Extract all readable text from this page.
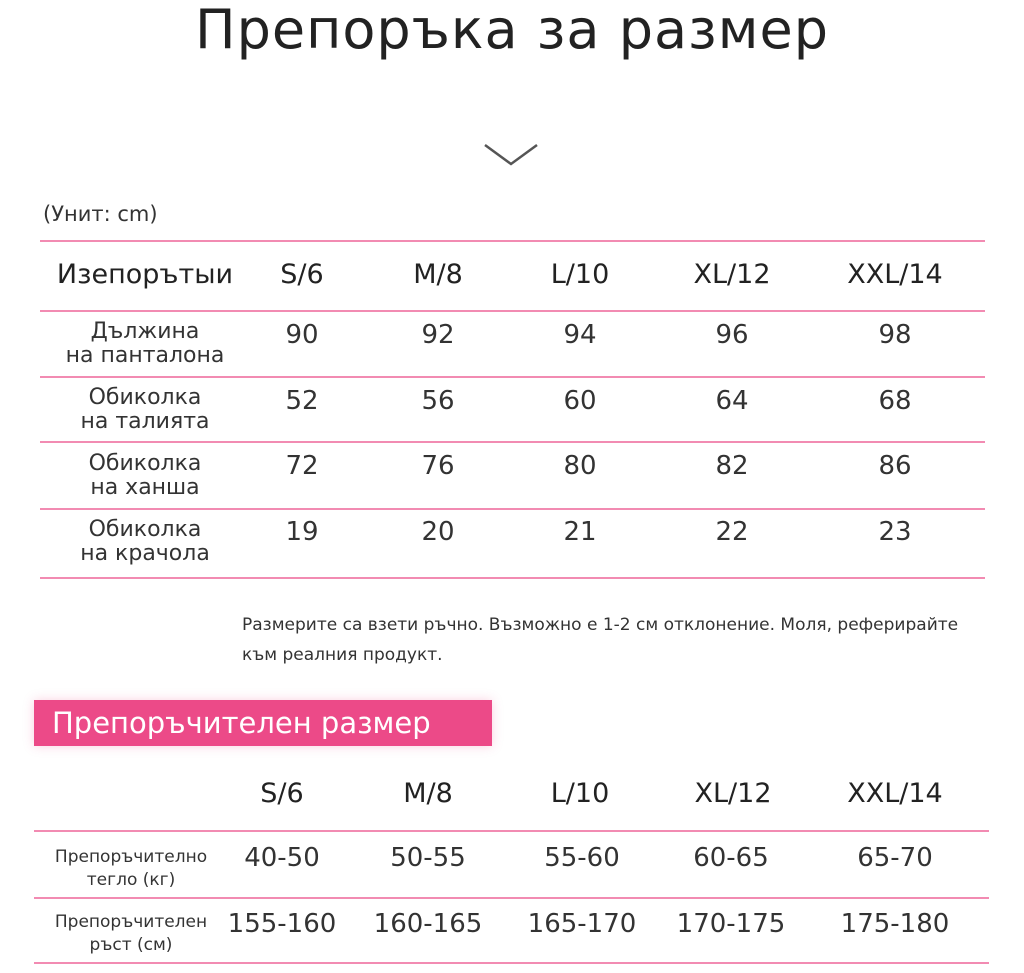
Препоръка за размер
(Унит: cm)
Изепорътыи	S/6	M/8	L/10	XL/12	XXL/14
Дължина
на панталона
90	92	94	96	98
Обиколка
на талията
52	56	60	64	68
Обиколка
на ханша
72	76	80	82	86
Обиколка
на крачола
19	20	21	22	23
Размерите са взети ръчно. Възможно е 1-2 см отклонение. Моля, реферирайте
към реалния продукт.
Препоръчителен размер
S/6	M/8	L/10	XL/12	XXL/14
Препоръчително
тегло (кг)
40-50	50-55	55-60	60-65	65-70
Препоръчителен
ръст (см)
155-160	160-165	165-170	170-175	175-180
